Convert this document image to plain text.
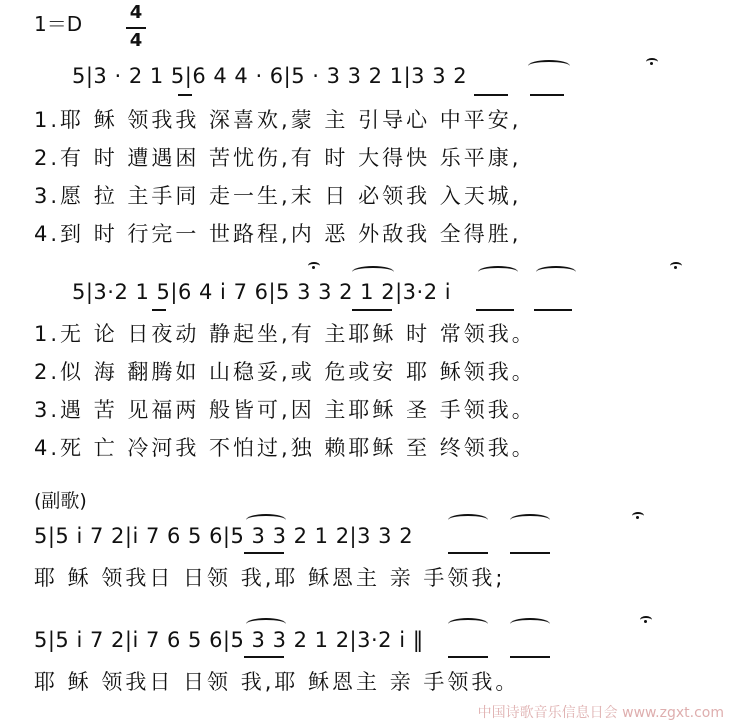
1＝D	4
4
5|3 · 2 1 5|6 4 4 · 6|5 · 3 3 2 1|3 3 2
1.耶 稣 领我我 深喜欢,蒙 主 引导心 中平安,
2.有 时 遭遇困 苦忧伤,有 时 大得快 乐平康,
3.愿 拉 主手同 走一生,末 日 必领我 入天城,
4.到 时 行完一 世路程,内 恶 外敌我 全得胜,
5|3·2 1 5|6 4 i 7 6|5 3 3 2 1 2|3·2 i
1.无 论 日夜动 静起坐,有 主耶稣 时 常领我。
2.似 海 翻腾如 山稳妥,或 危或安 耶 稣领我。
3.遇 苦 见福两 般皆可,因 主耶稣 圣 手领我。
4.死 亡 冷河我 不怕过,独 赖耶稣 至 终领我。
(副歌)
5|5 i 7 2|i 7 6 5 6|5 3 3 2 1 2|3 3 2
耶 稣 领我日 日领 我,耶 稣恩主 亲 手领我;
5|5 i 7 2|i 7 6 5 6|5 3 3 2 1 2|3·2 i ‖
耶 稣 领我日 日领 我,耶 稣恩主 亲 手领我。
中国诗歌音乐信息日会 www.zgxt.com
